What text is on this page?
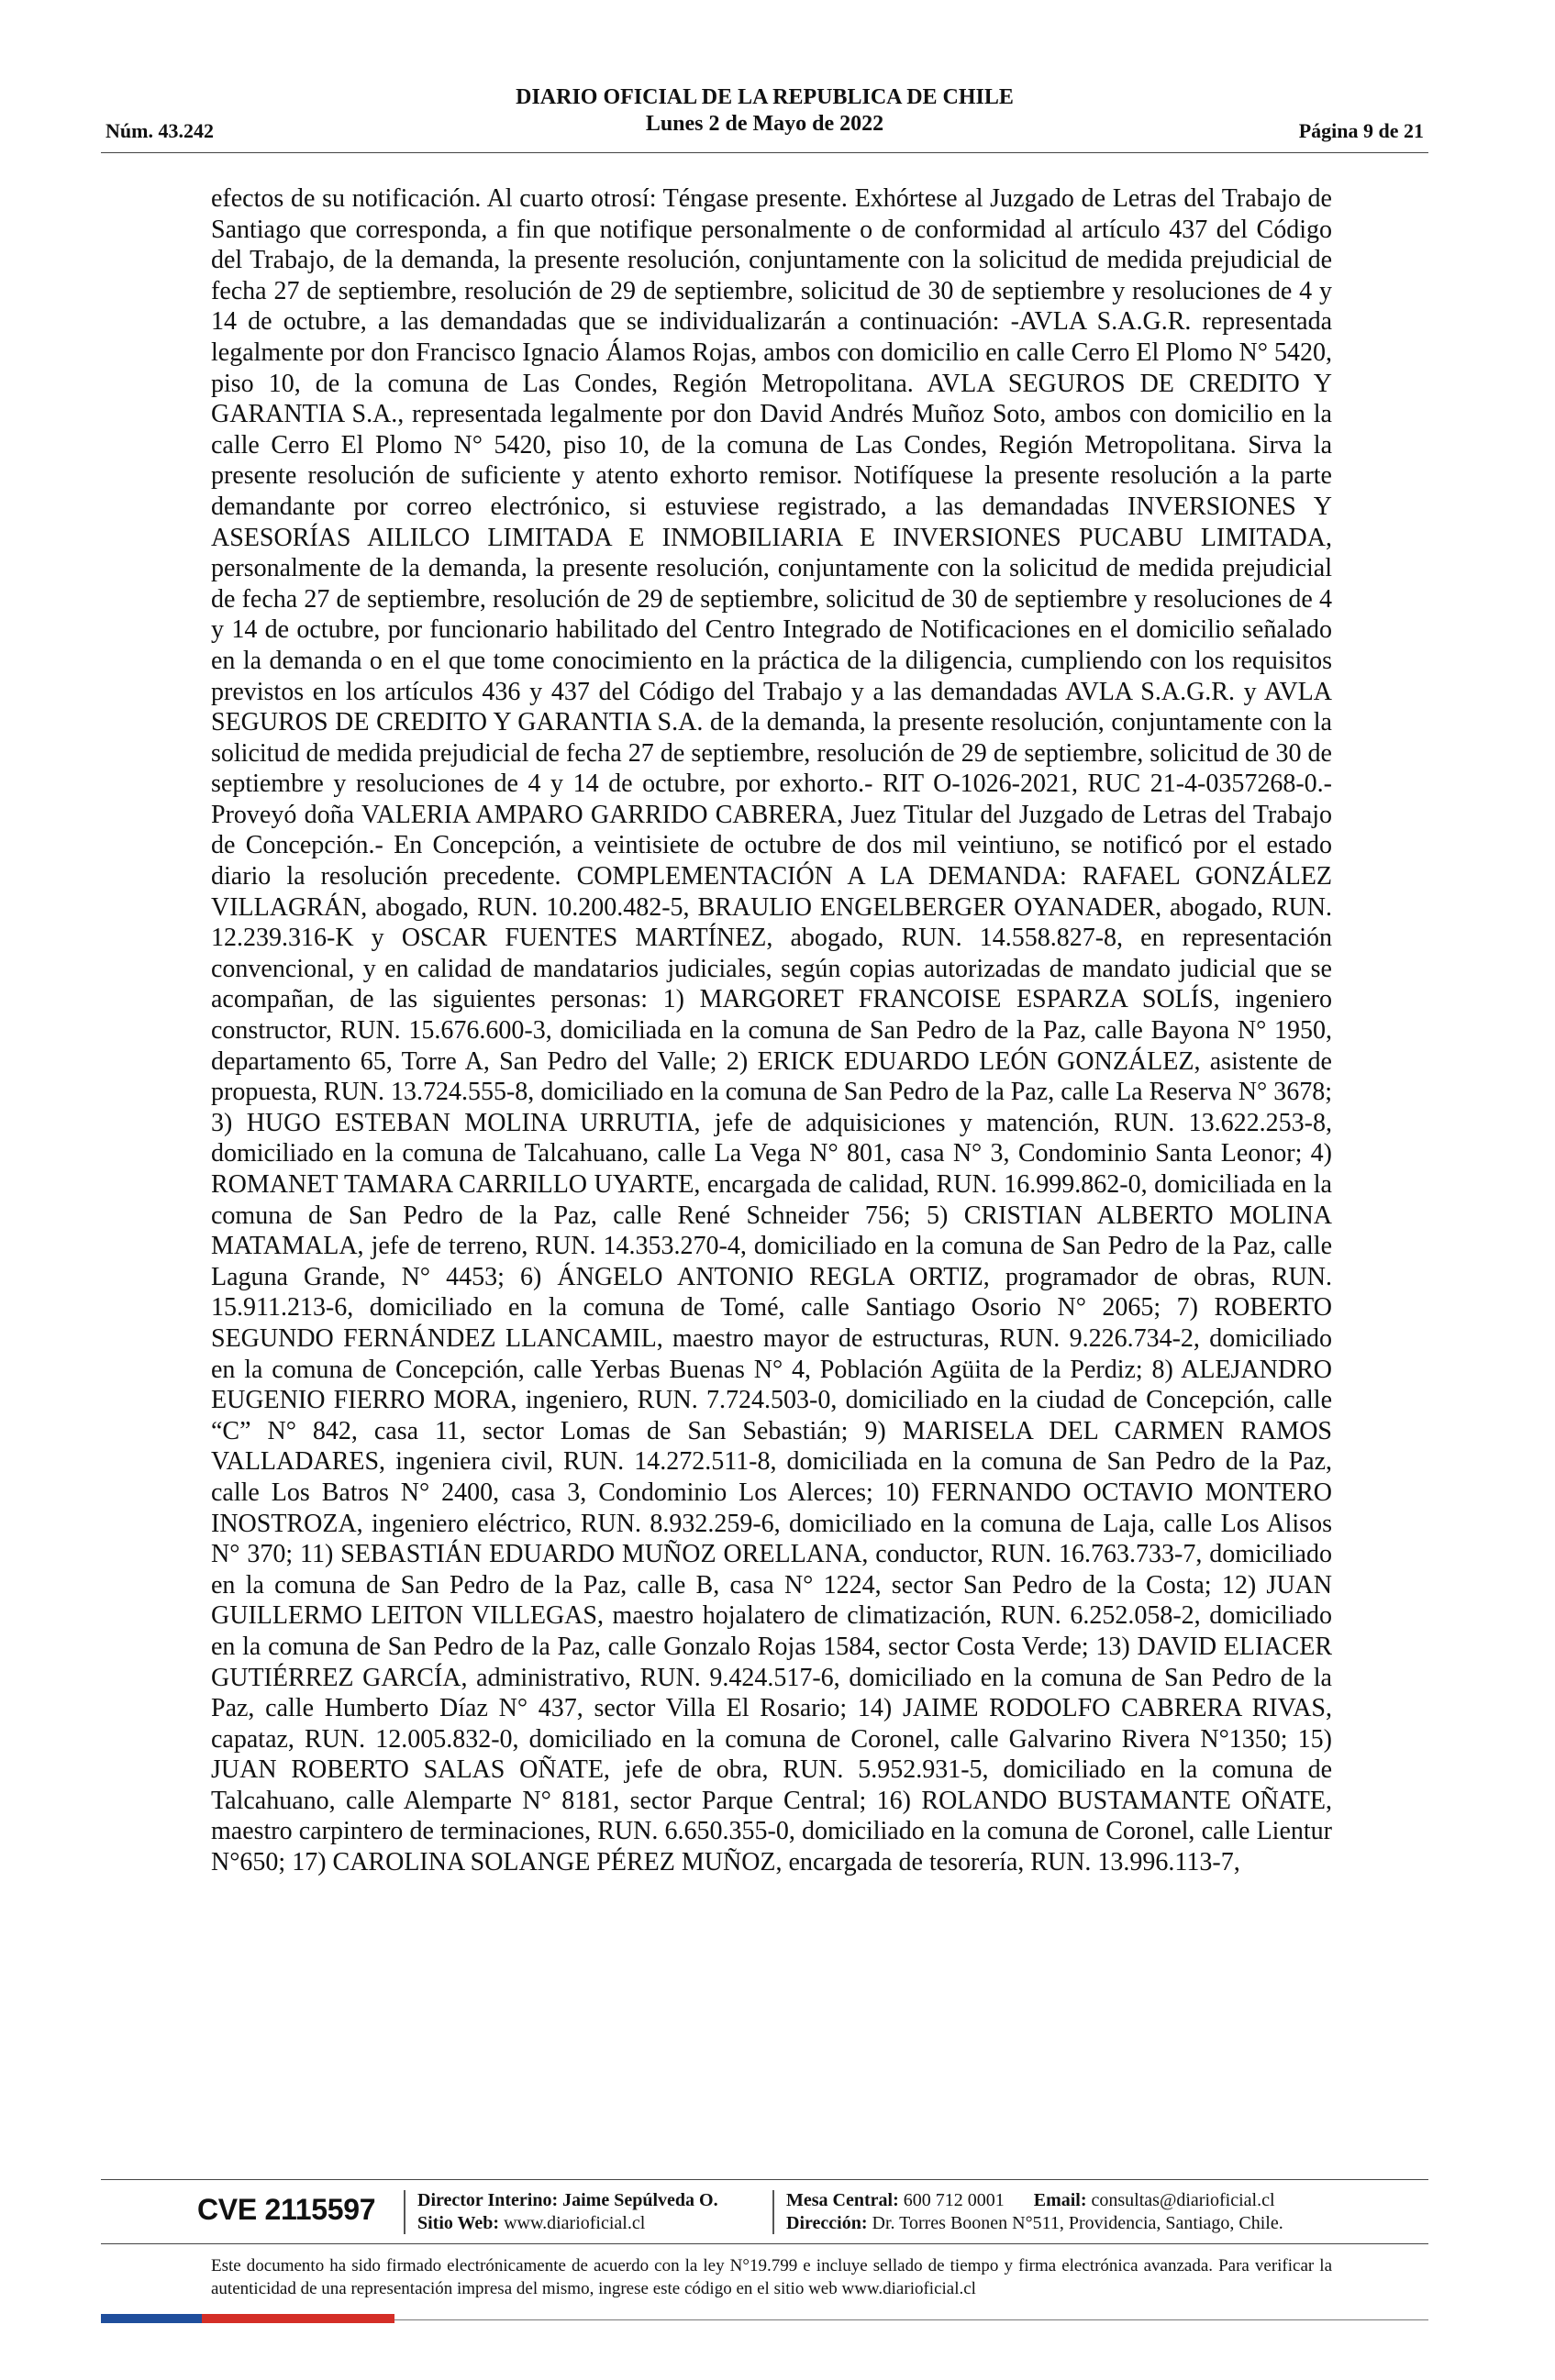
Núm. 43.242
DIARIO OFICIAL DE LA REPUBLICA DE CHILE
Lunes 2 de Mayo de 2022	Página 9 de 21

efectos de su notificación. Al cuarto otrosí: Téngase presente. Exhórtese al Juzgado de Letras del Trabajo de Santiago que corresponda, a fin que notifique personalmente o de conformidad al artículo 437 del Código del Trabajo, de la demanda, la presente resolución, conjuntamente con la solicitud de medida prejudicial de fecha 27 de septiembre, resolución de 29 de septiembre, solicitud de 30 de septiembre y resoluciones de 4 y 14 de octubre, a las demandadas que se individualizarán a continuación: -AVLA S.A.G.R. representada legalmente por don Francisco Ignacio Álamos Rojas, ambos con domicilio en calle Cerro El Plomo N° 5420, piso 10, de la comuna de Las Condes, Región Metropolitana. AVLA SEGUROS DE CREDITO Y GARANTIA S.A., representada legalmente por don David Andrés Muñoz Soto, ambos con domicilio en la calle Cerro El Plomo N° 5420, piso 10, de la comuna de Las Condes, Región Metropolitana. Sirva la presente resolución de suficiente y atento exhorto remisor. Notifíquese la presente resolución a la parte demandante por correo electrónico, si estuviese registrado, a las demandadas INVERSIONES Y ASESORÍAS AILILCO LIMITADA E INMOBILIARIA E INVERSIONES PUCABU LIMITADA, personalmente de la demanda, la presente resolución, conjuntamente con la solicitud de medida prejudicial de fecha 27 de septiembre, resolución de 29 de septiembre, solicitud de 30 de septiembre y resoluciones de 4 y 14 de octubre, por funcionario habilitado del Centro Integrado de Notificaciones en el domicilio señalado en la demanda o en el que tome conocimiento en la práctica de la diligencia, cumpliendo con los requisitos previstos en los artículos 436 y 437 del Código del Trabajo y a las demandadas AVLA S.A.G.R. y AVLA SEGUROS DE CREDITO Y GARANTIA S.A. de la demanda, la presente resolución, conjuntamente con la solicitud de medida prejudicial de fecha 27 de septiembre, resolución de 29 de septiembre, solicitud de 30 de septiembre y resoluciones de 4 y 14 de octubre, por exhorto.- RIT O-1026-2021, RUC 21-4-0357268-0.- Proveyó doña VALERIA AMPARO GARRIDO CABRERA, Juez Titular del Juzgado de Letras del Trabajo de Concepción.- En Concepción, a veintisiete de octubre de dos mil veintiuno, se notificó por el estado diario la resolución precedente. COMPLEMENTACIÓN A LA DEMANDA: RAFAEL GONZÁLEZ VILLAGRÁN, abogado, RUN. 10.200.482-5, BRAULIO ENGELBERGER OYANADER, abogado, RUN. 12.239.316-K y OSCAR FUENTES MARTÍNEZ, abogado, RUN. 14.558.827-8, en representación convencional, y en calidad de mandatarios judiciales, según copias autorizadas de mandato judicial que se acompañan, de las siguientes personas: 1) MARGORET FRANCOISE ESPARZA SOLÍS, ingeniero constructor, RUN. 15.676.600-3, domiciliada en la comuna de San Pedro de la Paz, calle Bayona N° 1950, departamento 65, Torre A, San Pedro del Valle; 2) ERICK EDUARDO LEÓN GONZÁLEZ, asistente de propuesta, RUN. 13.724.555-8, domiciliado en la comuna de San Pedro de la Paz, calle La Reserva N° 3678; 3) HUGO ESTEBAN MOLINA URRUTIA, jefe de adquisiciones y matención, RUN. 13.622.253-8, domiciliado en la comuna de Talcahuano, calle La Vega N° 801, casa N° 3, Condominio Santa Leonor; 4) ROMANET TAMARA CARRILLO UYARTE, encargada de calidad, RUN. 16.999.862-0, domiciliada en la comuna de San Pedro de la Paz, calle René Schneider 756; 5) CRISTIAN ALBERTO MOLINA MATAMALA, jefe de terreno, RUN. 14.353.270-4, domiciliado en la comuna de San Pedro de la Paz, calle Laguna Grande, N° 4453; 6) ÁNGELO ANTONIO REGLA ORTIZ, programador de obras, RUN. 15.911.213-6, domiciliado en la comuna de Tomé, calle Santiago Osorio N° 2065; 7) ROBERTO SEGUNDO FERNÁNDEZ LLANCAMIL, maestro mayor de estructuras, RUN. 9.226.734-2, domiciliado en la comuna de Concepción, calle Yerbas Buenas N° 4, Población Agüita de la Perdiz; 8) ALEJANDRO EUGENIO FIERRO MORA, ingeniero, RUN. 7.724.503-0, domiciliado en la ciudad de Concepción, calle “C” N° 842, casa 11, sector Lomas de San Sebastián; 9) MARISELA DEL CARMEN RAMOS VALLADARES, ingeniera civil, RUN. 14.272.511-8, domiciliada en la comuna de San Pedro de la Paz, calle Los Batros N° 2400, casa 3, Condominio Los Alerces; 10) FERNANDO OCTAVIO MONTERO INOSTROZA, ingeniero eléctrico, RUN. 8.932.259-6, domiciliado en la comuna de Laja, calle Los Alisos N° 370; 11) SEBASTIÁN EDUARDO MUÑOZ ORELLANA, conductor, RUN. 16.763.733-7, domiciliado en la comuna de San Pedro de la Paz, calle B, casa N° 1224, sector San Pedro de la Costa; 12) JUAN GUILLERMO LEITON VILLEGAS, maestro hojalatero de climatización, RUN. 6.252.058-2, domiciliado en la comuna de San Pedro de la Paz, calle Gonzalo Rojas 1584, sector Costa Verde; 13) DAVID ELIACER GUTIÉRREZ GARCÍA, administrativo, RUN. 9.424.517-6, domiciliado en la comuna de San Pedro de la Paz, calle Humberto Díaz N° 437, sector Villa El Rosario; 14) JAIME RODOLFO CABRERA RIVAS, capataz, RUN. 12.005.832-0, domiciliado en la comuna de Coronel, calle Galvarino Rivera N°1350; 15) JUAN ROBERTO SALAS OÑATE, jefe de obra, RUN. 5.952.931-5, domiciliado en la comuna de Talcahuano, calle Alemparte N° 8181, sector Parque Central; 16) ROLANDO BUSTAMANTE OÑATE, maestro carpintero de terminaciones, RUN. 6.650.355-0, domiciliado en la comuna de Coronel, calle Lientur N°650; 17) CAROLINA SOLANGE PÉREZ MUÑOZ, encargada de tesorería, RUN. 13.996.113-7,

CVE 2115597 Director Interino: Jaime Sepúlveda O.
Sitio Web: www.diarioficial.cl
Mesa Central: 600 712 0001 Email: consultas@diarioficial.cl
Dirección: Dr. Torres Boonen N°511, Providencia, Santiago, Chile.
Este documento ha sido firmado electrónicamente de acuerdo con la ley N°19.799 e incluye sellado de tiempo y firma electrónica avanzada. Para verificar la autenticidad de una representación impresa del mismo, ingrese este código en el sitio web www.diarioficial.cl
